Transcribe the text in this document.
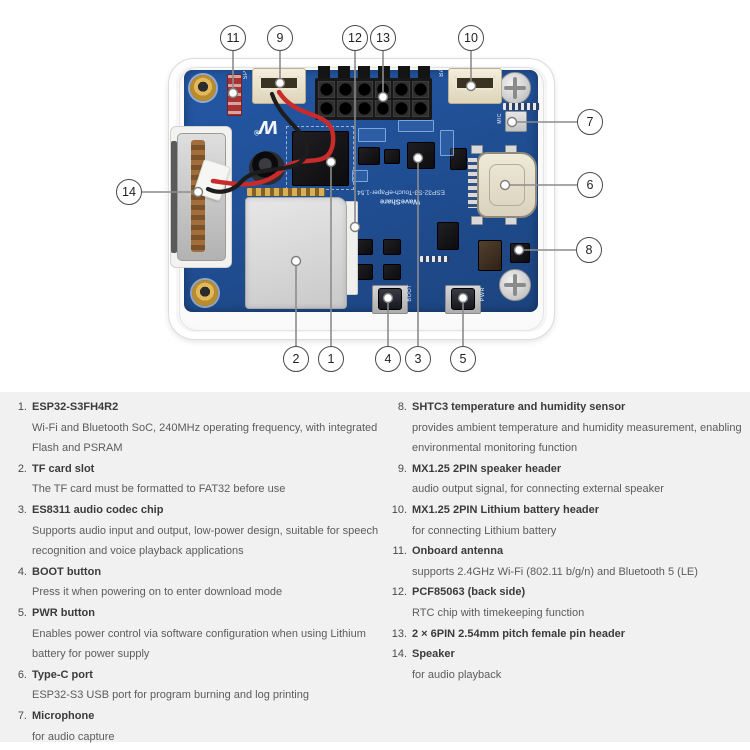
SPK	BAT
MIC
w®
ESP32-S3-Touch-ePaper-1.54
WaveShare
BOOT	PWR
11	9	12	13	10
7
6
8
14
2	1	4	3	5
1. ESP32-S3FH4R2
Wi-Fi and Bluetooth SoC, 240MHz operating frequency, with integrated Flash and PSRAM
2. TF card slot
The TF card must be formatted to FAT32 before use
3. ES8311 audio codec chip
Supports audio input and output, low-power design, suitable for speech recognition and voice playback applications
4. BOOT button
Press it when powering on to enter download mode
5. PWR button
Enables power control via software configuration when using Lithium battery for power supply
6. Type-C port
ESP32-S3 USB port for program burning and log printing
7. Microphone
for audio capture
8. SHTC3 temperature and humidity sensor
provides ambient temperature and humidity measurement, enabling environmental monitoring function
9. MX1.25 2PIN speaker header
audio output signal, for connecting external speaker
10. MX1.25 2PIN Lithium battery header
for connecting Lithium battery
11. Onboard antenna
supports 2.4GHz Wi-Fi (802.11 b/g/n) and Bluetooth 5 (LE)
12. PCF85063 (back side)
RTC chip with timekeeping function
13. 2 × 6PIN 2.54mm pitch female pin header
14. Speaker
for audio playback
